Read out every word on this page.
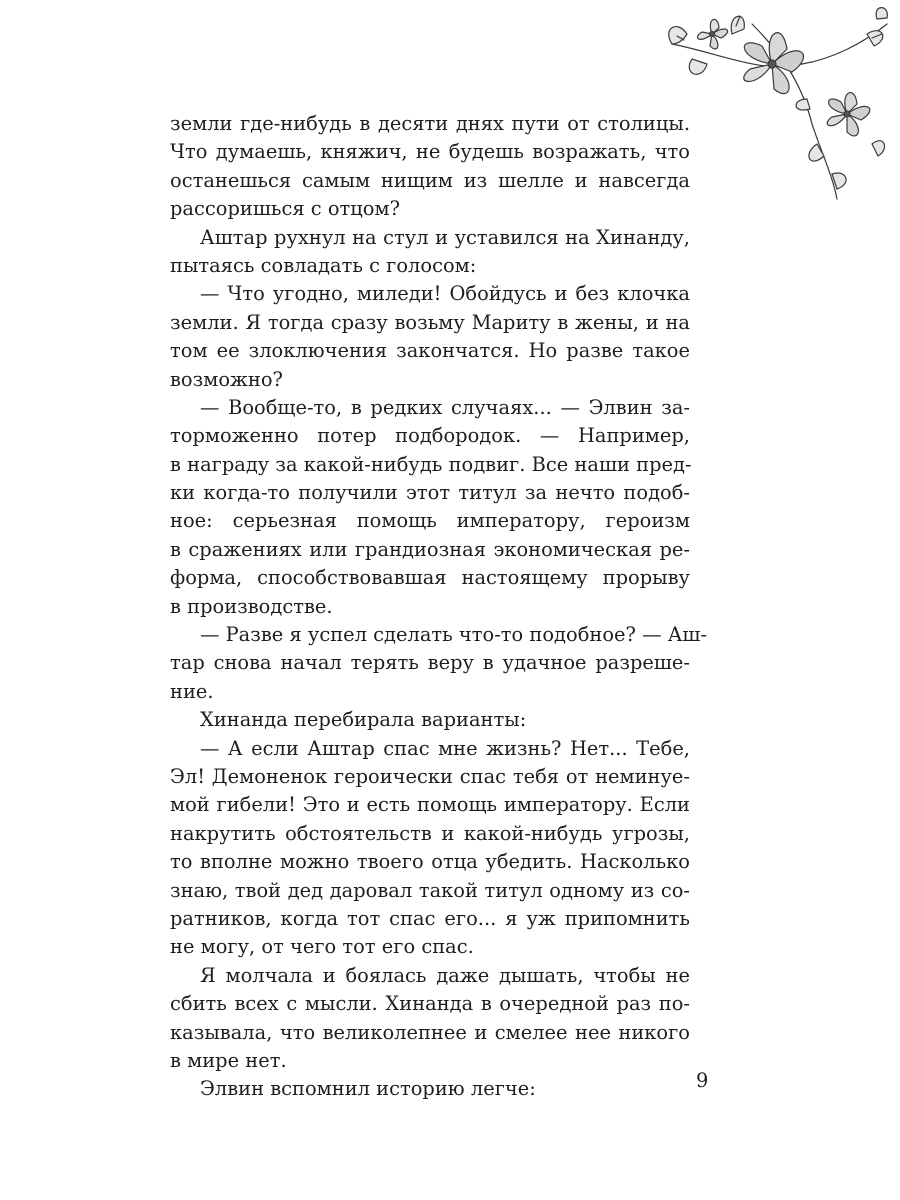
земли где-нибудь в десяти днях пути от столицы.
Что думаешь, княжич, не будешь возражать, что
останешься самым нищим из шелле и навсегда
рассоришься с отцом?
Аштар рухнул на стул и уставился на Хинанду,
пытаясь совладать с голосом:
— Что угодно, миледи! Обойдусь и без клочка
земли. Я тогда сразу возьму Мариту в жены, и на
том ее злоключения закончатся. Но разве такое
возможно?
— Вообще-то, в редких случаях... — Элвин за-
торможенно потер подбородок. — Например,
в награду за какой-нибудь подвиг. Все наши пред-
ки когда-то получили этот титул за нечто подоб-
ное: серьезная помощь императору, героизм
в сражениях или грандиозная экономическая ре-
форма, способствовавшая настоящему прорыву
в производстве.
— Разве я успел сделать что-то подобное? — Аш-
тар снова начал терять веру в удачное разреше-
ние.
Хинанда перебирала варианты:
— А если Аштар спас мне жизнь? Нет... Тебе,
Эл! Демоненок героически спас тебя от неминуе-
мой гибели! Это и есть помощь императору. Если
накрутить обстоятельств и какой-нибудь угрозы,
то вполне можно твоего отца убедить. Насколько
знаю, твой дед даровал такой титул одному из со-
ратников, когда тот спас его... я уж припомнить
не могу, от чего тот его спас.
Я молчала и боялась даже дышать, чтобы не
сбить всех с мысли. Хинанда в очередной раз по-
казывала, что великолепнее и смелее нее никого
в мире нет.
Элвин вспомнил историю легче:	9
